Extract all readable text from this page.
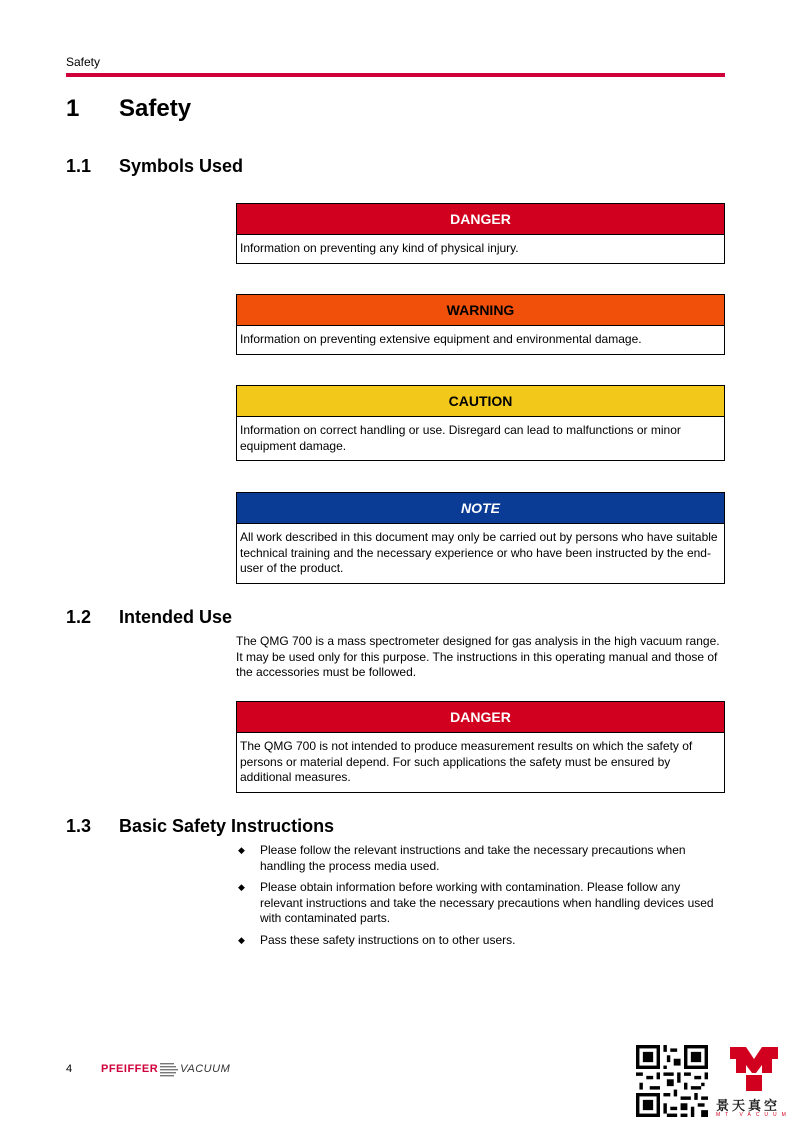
Safety
1 Safety
1.1 Symbols Used
DANGER
Information on preventing any kind of physical injury.
WARNING
Information on preventing extensive equipment and environmental damage.
CAUTION
Information on correct handling or use. Disregard can lead to malfunctions or minor equipment damage.
NOTE
All work described in this document may only be carried out by persons who have suitable technical training and the necessary experience or who have been instructed by the end-user of the product.
1.2 Intended Use
The QMG 700 is a mass spectrometer designed for gas analysis in the high vacuum range. It may be used only for this purpose. The instructions in this operating manual and those of the accessories must be followed.
DANGER
The QMG 700 is not intended to produce measurement results on which the safety of persons or material depend. For such applications the safety must be ensured by additional measures.
1.3 Basic Safety Instructions
◆ Please follow the relevant instructions and take the necessary precautions when handling the process media used.
◆ Please obtain information before working with contamination. Please follow any relevant instructions and take the necessary precautions when handling devices used with contaminated parts.
◆ Pass these safety instructions on to other users.
4	PFEIFFER VACUUM
景天真空
MT VACUUM
